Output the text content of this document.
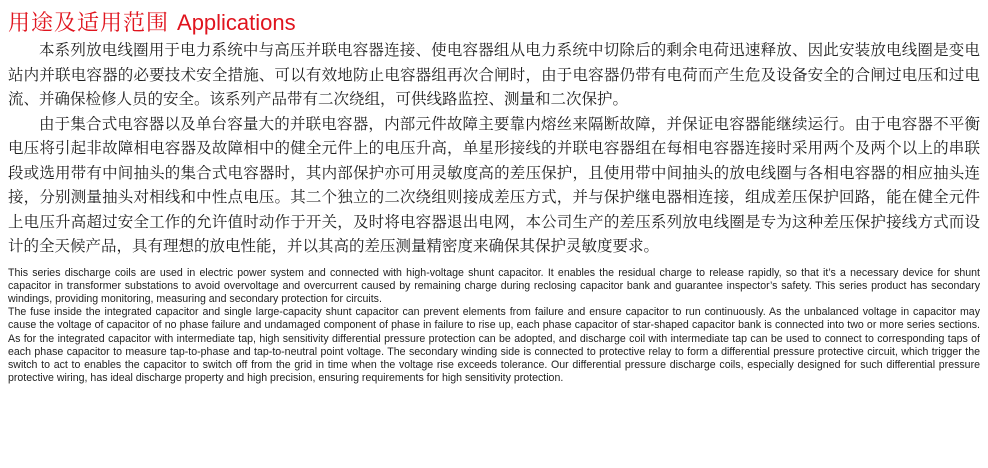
用途及适用范围 Applications

本系列放电线圈用于电力系统中与高压并联电容器连接、使电容器组从电力系统中切除后的剩余电荷迅速释放、因此安装放电线圈是变电站内并联电容器的必要技术安全措施、可以有效地防止电容器组再次合闸时，由于电容器仍带有电荷而产生危及设备安全的合闸过电压和过电流、并确保检修人员的安全。该系列产品带有二次绕组，可供线路监控、测量和二次保护。

由于集合式电容器以及单台容量大的并联电容器，内部元件故障主要靠内熔丝来隔断故障，并保证电容器能继续运行。由于电容器不平衡电压将引起非故障相电容器及故障相中的健全元件上的电压升高，单星形接线的并联电容器组在每相电容器连接时采用两个及两个以上的串联段或选用带有中间抽头的集合式电容器时，其内部保护亦可用灵敏度高的差压保护，且使用带中间抽头的放电线圈与各相电容器的相应抽头连接，分别测量抽头对相线和中性点电压。其二个独立的二次绕组则接成差压方式，并与保护继电器相连接，组成差压保护回路，能在健全元件上电压升高超过安全工作的允许值时动作于开关，及时将电容器退出电网，本公司生产的差压系列放电线圈是专为这种差压保护接线方式而设计的全天候产品，具有理想的放电性能，并以其高的差压测量精密度来确保其保护灵敏度要求。

This series discharge coils are used in electric power system and connected with high-voltage shunt capacitor. It enables the residual charge to release rapidly, so that it’s a necessary device for shunt capacitor in transformer substations to avoid overvoltage and overcurrent caused by remaining charge during reclosing capacitor bank and guarantee inspector’s safety. This series product has secondary windings, providing monitoring, measuring and secondary protection for circuits.

The fuse inside the integrated capacitor and single large-capacity shunt capacitor can prevent elements from failure and ensure capacitor to run continuously. As the unbalanced voltage in capacitor may cause the voltage of capacitor of no phase failure and undamaged component of phase in failure to rise up, each phase capacitor of star-shaped capacitor bank is connected into two or more series sections. As for the integrated capacitor with intermediate tap, high sensitivity differential pressure protection can be adopted, and discharge coil with intermediate tap can be used to connect to corresponding taps of each phase capacitor to measure tap-to-phase and tap-to-neutral point voltage. The secondary winding side is connected to protective relay to form a differential pressure protective circuit, which trigger the switch to act to enables the capacitor to switch off from the grid in time when the voltage rise exceeds tolerance. Our differential pressure discharge coils, especially designed for such differential pressure protective wiring, has ideal discharge property and high precision, ensuring requirements for high sensitivity protection.
